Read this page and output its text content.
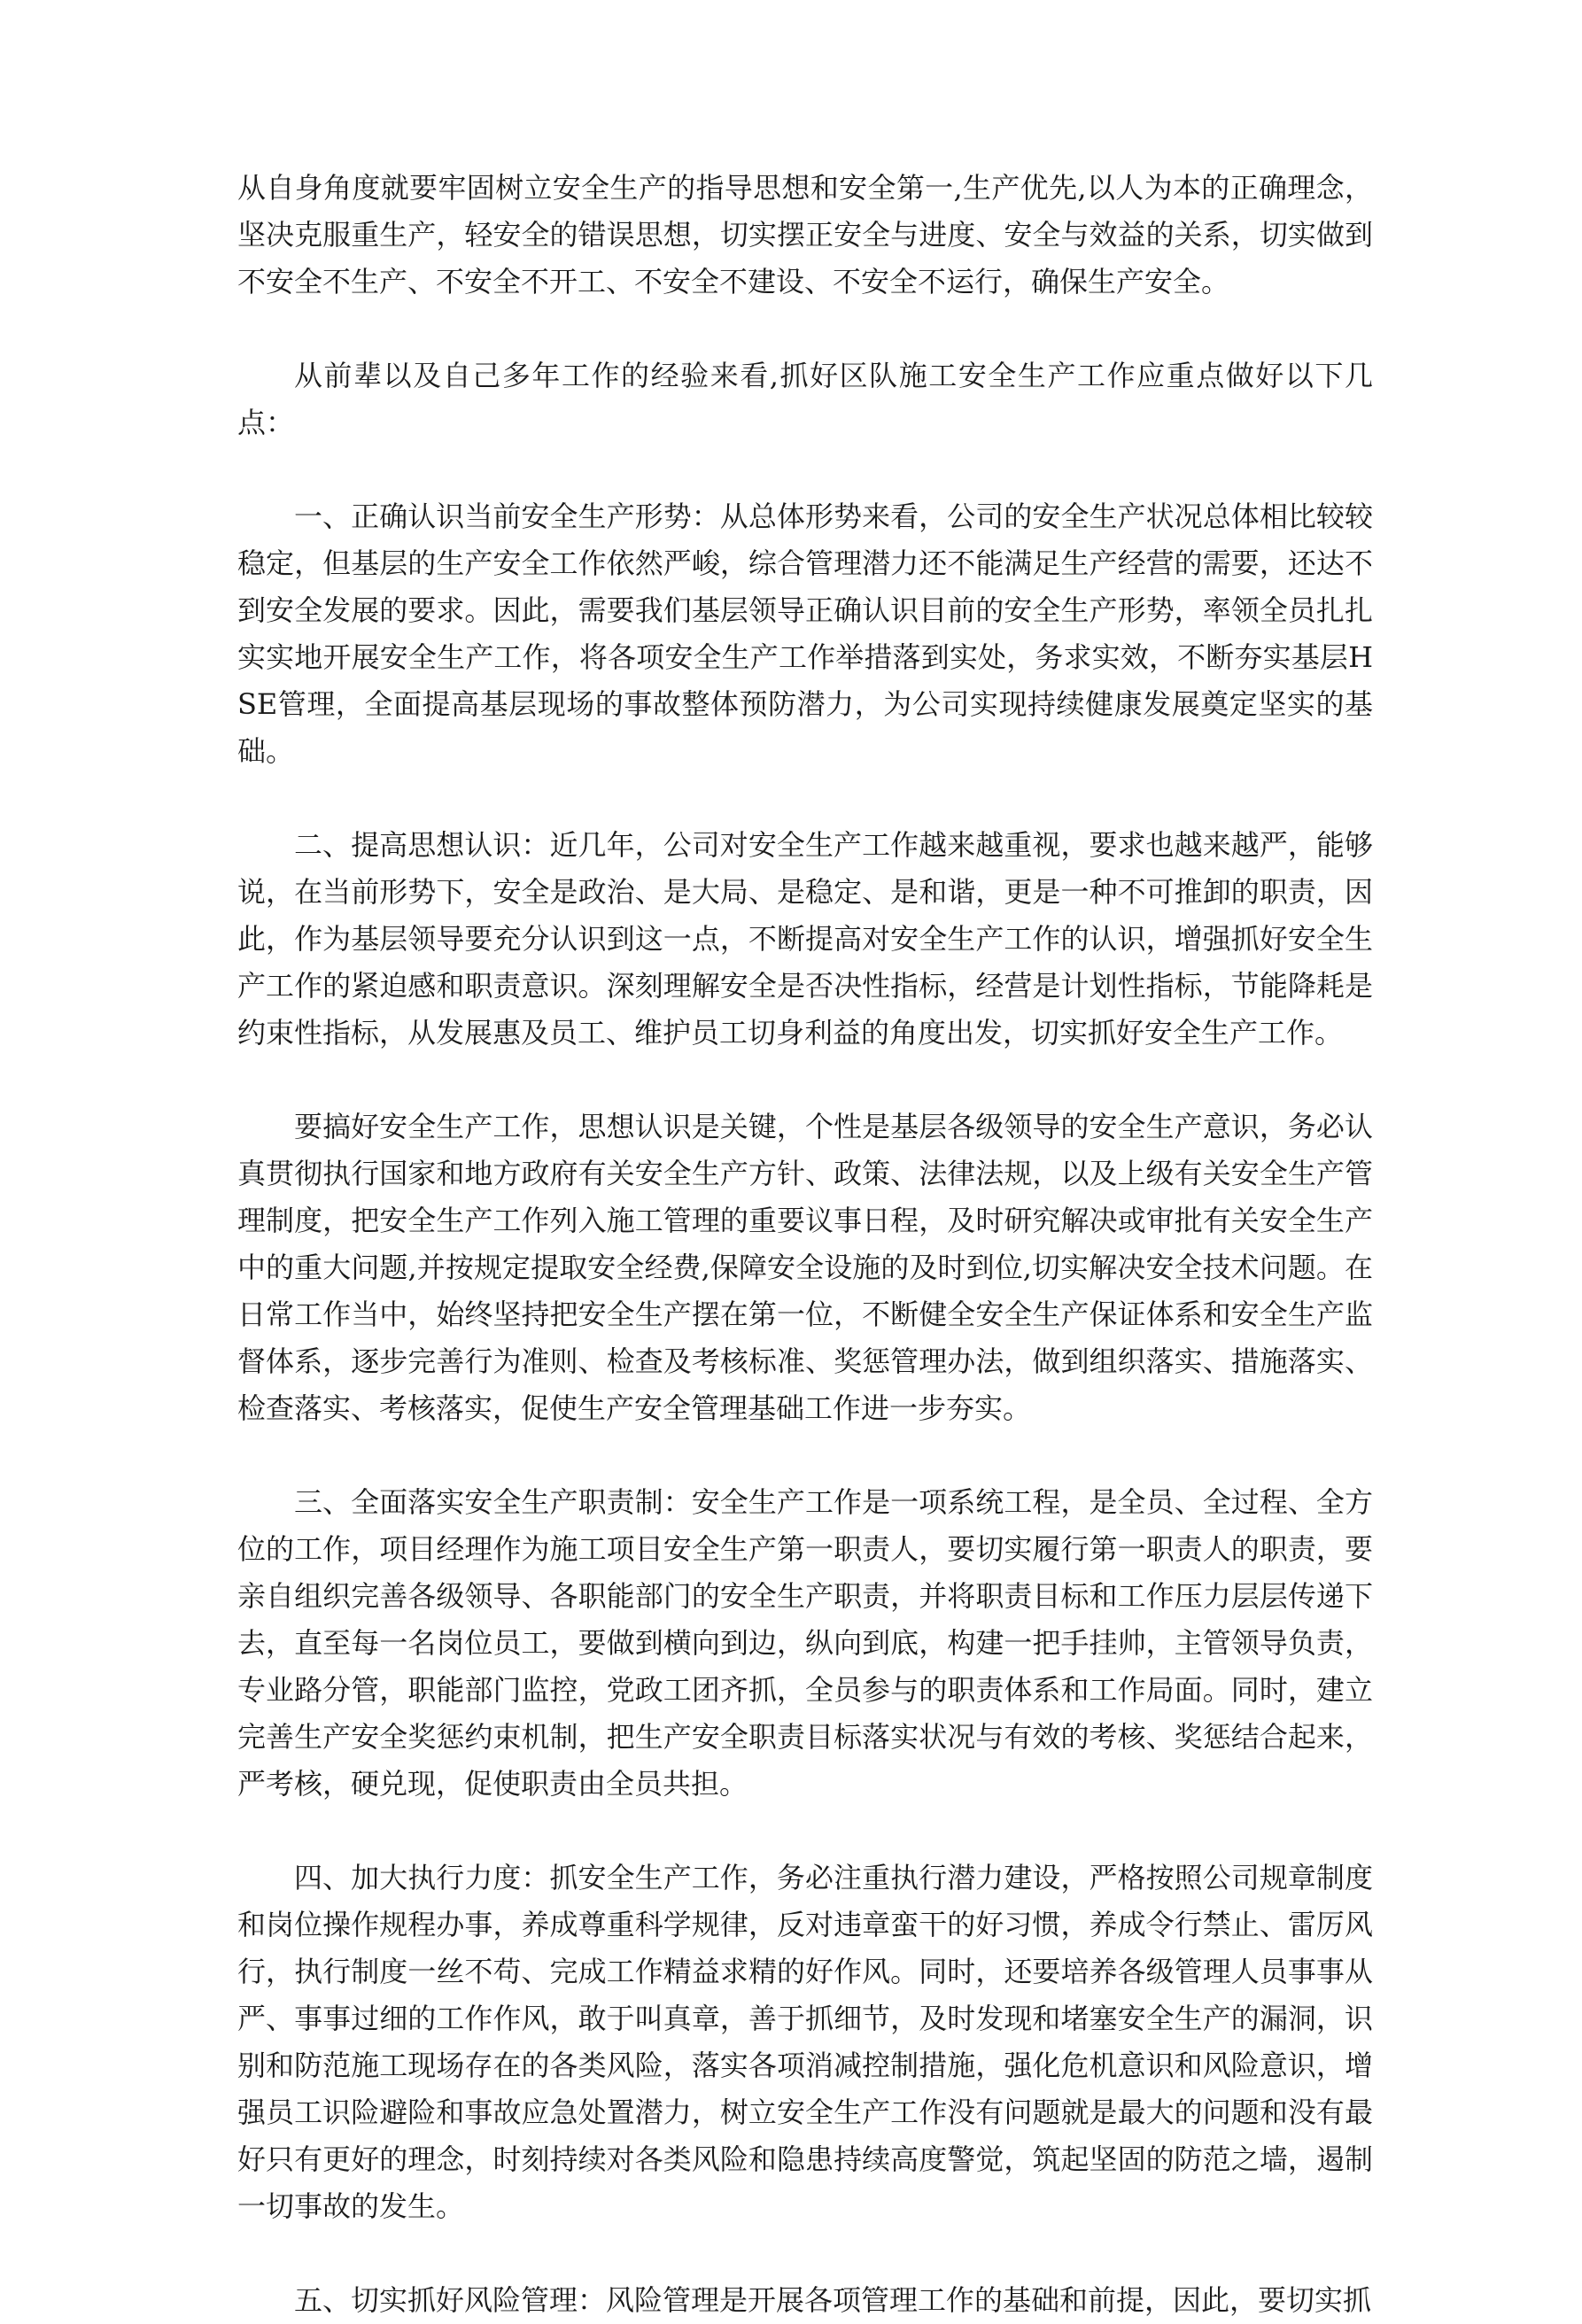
从自身角度就要牢固树立安全生产的指导思想和安全第一,生产优先,以人为本的正确理念，坚决克服重生产，轻安全的错误思想，切实摆正安全与进度、安全与效益的关系，切实做到不安全不生产、不安全不开工、不安全不建设、不安全不运行，确保生产安全。

从前辈以及自己多年工作的经验来看,抓好区队施工安全生产工作应重点做好以下几点：

一、正确认识当前安全生产形势：从总体形势来看，公司的安全生产状况总体相比较较稳定，但基层的生产安全工作依然严峻，综合管理潜力还不能满足生产经营的需要，还达不到安全发展的要求。因此，需要我们基层领导正确认识目前的安全生产形势，率领全员扎扎实实地开展安全生产工作，将各项安全生产工作举措落到实处，务求实效，不断夯实基层HSE管理，全面提高基层现场的事故整体预防潜力，为公司实现持续健康发展奠定坚实的基础。

二、提高思想认识：近几年，公司对安全生产工作越来越重视，要求也越来越严，能够说，在当前形势下，安全是政治、是大局、是稳定、是和谐，更是一种不可推卸的职责，因此，作为基层领导要充分认识到这一点，不断提高对安全生产工作的认识，增强抓好安全生产工作的紧迫感和职责意识。深刻理解安全是否决性指标，经营是计划性指标，节能降耗是约束性指标，从发展惠及员工、维护员工切身利益的角度出发，切实抓好安全生产工作。

要搞好安全生产工作，思想认识是关键，个性是基层各级领导的安全生产意识，务必认真贯彻执行国家和地方政府有关安全生产方针、政策、法律法规，以及上级有关安全生产管理制度，把安全生产工作列入施工管理的重要议事日程，及时研究解决或审批有关安全生产中的重大问题,并按规定提取安全经费,保障安全设施的及时到位,切实解决安全技术问题。在日常工作当中，始终坚持把安全生产摆在第一位，不断健全安全生产保证体系和安全生产监督体系，逐步完善行为准则、检查及考核标准、奖惩管理办法，做到组织落实、措施落实、检查落实、考核落实，促使生产安全管理基础工作进一步夯实。

三、全面落实安全生产职责制：安全生产工作是一项系统工程，是全员、全过程、全方位的工作，项目经理作为施工项目安全生产第一职责人，要切实履行第一职责人的职责，要亲自组织完善各级领导、各职能部门的安全生产职责，并将职责目标和工作压力层层传递下去，直至每一名岗位员工，要做到横向到边，纵向到底，构建一把手挂帅，主管领导负责，专业路分管，职能部门监控，党政工团齐抓，全员参与的职责体系和工作局面。同时，建立完善生产安全奖惩约束机制，把生产安全职责目标落实状况与有效的考核、奖惩结合起来，严考核，硬兑现，促使职责由全员共担。

四、加大执行力度：抓安全生产工作，务必注重执行潜力建设，严格按照公司规章制度和岗位操作规程办事，养成尊重科学规律，反对违章蛮干的好习惯，养成令行禁止、雷厉风行，执行制度一丝不苟、完成工作精益求精的好作风。同时，还要培养各级管理人员事事从严、事事过细的工作作风，敢于叫真章，善于抓细节，及时发现和堵塞安全生产的漏洞，识别和防范施工现场存在的各类风险，落实各项消减控制措施，强化危机意识和风险意识，增强员工识险避险和事故应急处置潜力，树立安全生产工作没有问题就是最大的问题和没有最好只有更好的理念，时刻持续对各类风险和隐患持续高度警觉，筑起坚固的防范之墙，遏制一切事故的发生。

五、切实抓好风险管理：风险管理是开展各项管理工作的基础和前提，因此，要切实抓
